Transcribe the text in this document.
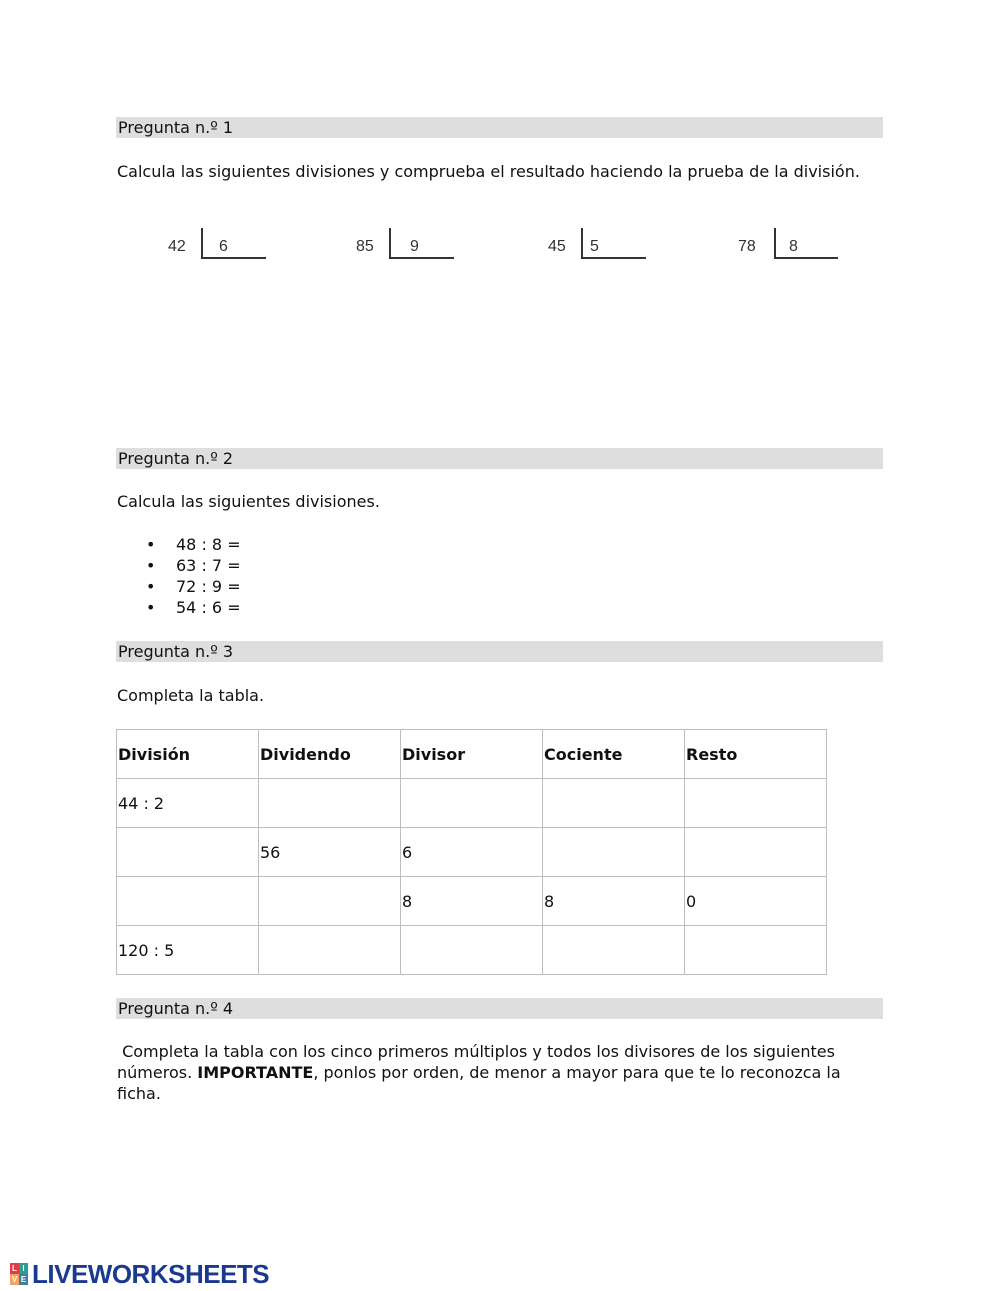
Pregunta n.º 1
Calcula las siguientes divisiones y comprueba el resultado haciendo la prueba de la división.
42 6	85 9	45 5	78 8
Pregunta n.º 2
Calcula las siguientes divisiones.
• 48 : 8 =
• 63 : 7 =
• 72 : 9 =
• 54 : 6 =
Pregunta n.º 3
Completa la tabla.
División	Dividendo	Divisor	Cociente	Resto
44 : 2				
	56	6		
		8	8	0
120 : 5				
Pregunta n.º 4
Completa la tabla con los cinco primeros múltiplos y todos los divisores de los siguientes números. IMPORTANTE, ponlos por orden, de menor a mayor para que te lo reconozca la ficha.
L I
V E LIVEWORKSHEETS
